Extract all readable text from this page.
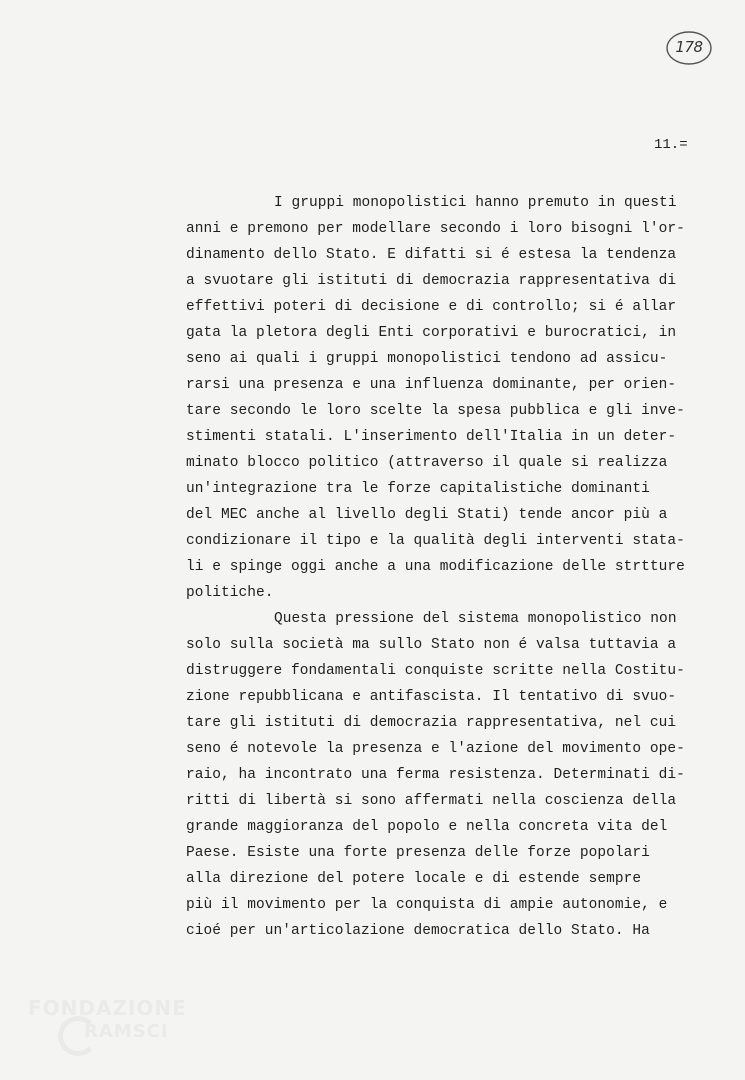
178
11.=
I gruppi monopolistici hanno premuto in questi
anni e premono per modellare secondo i loro bisogni l'or-
dinamento dello Stato. E difatti si é estesa la tendenza
a svuotare gli istituti di democrazia rappresentativa di
effettivi poteri di decisione e di controllo; si é allar
gata la pletora degli Enti corporativi e burocratici, in
seno ai quali i gruppi monopolistici tendono ad assicu-
rarsi una presenza e una influenza dominante, per orien-
tare secondo le loro scelte la spesa pubblica e gli inve-
stimenti statali. L'inserimento dell'Italia in un deter-
minato blocco politico (attraverso il quale si realizza
un'integrazione tra le forze capitalistiche dominanti
del MEC anche al livello degli Stati) tende ancor più a
condizionare il tipo e la qualità degli interventi stata-
li e spinge oggi anche a una modificazione delle strtture
politiche.
Questa pressione del sistema monopolistico non
solo sulla società ma sullo Stato non é valsa tuttavia a
distruggere fondamentali conquiste scritte nella Costitu-
zione repubblicana e antifascista. Il tentativo di svuo-
tare gli istituti di democrazia rappresentativa, nel cui
seno é notevole la presenza e l'azione del movimento ope-
raio, ha incontrato una ferma resistenza. Determinati di-
ritti di libertà si sono affermati nella coscienza della
grande maggioranza del popolo e nella concreta vita del
Paese. Esiste una forte presenza delle forze popolari
alla direzione del potere locale e di estende sempre
più il movimento per la conquista di ampie autonomie, e
cioé per un'articolazione democratica dello Stato. Ha
FONDAZIONE
RAMSCI
